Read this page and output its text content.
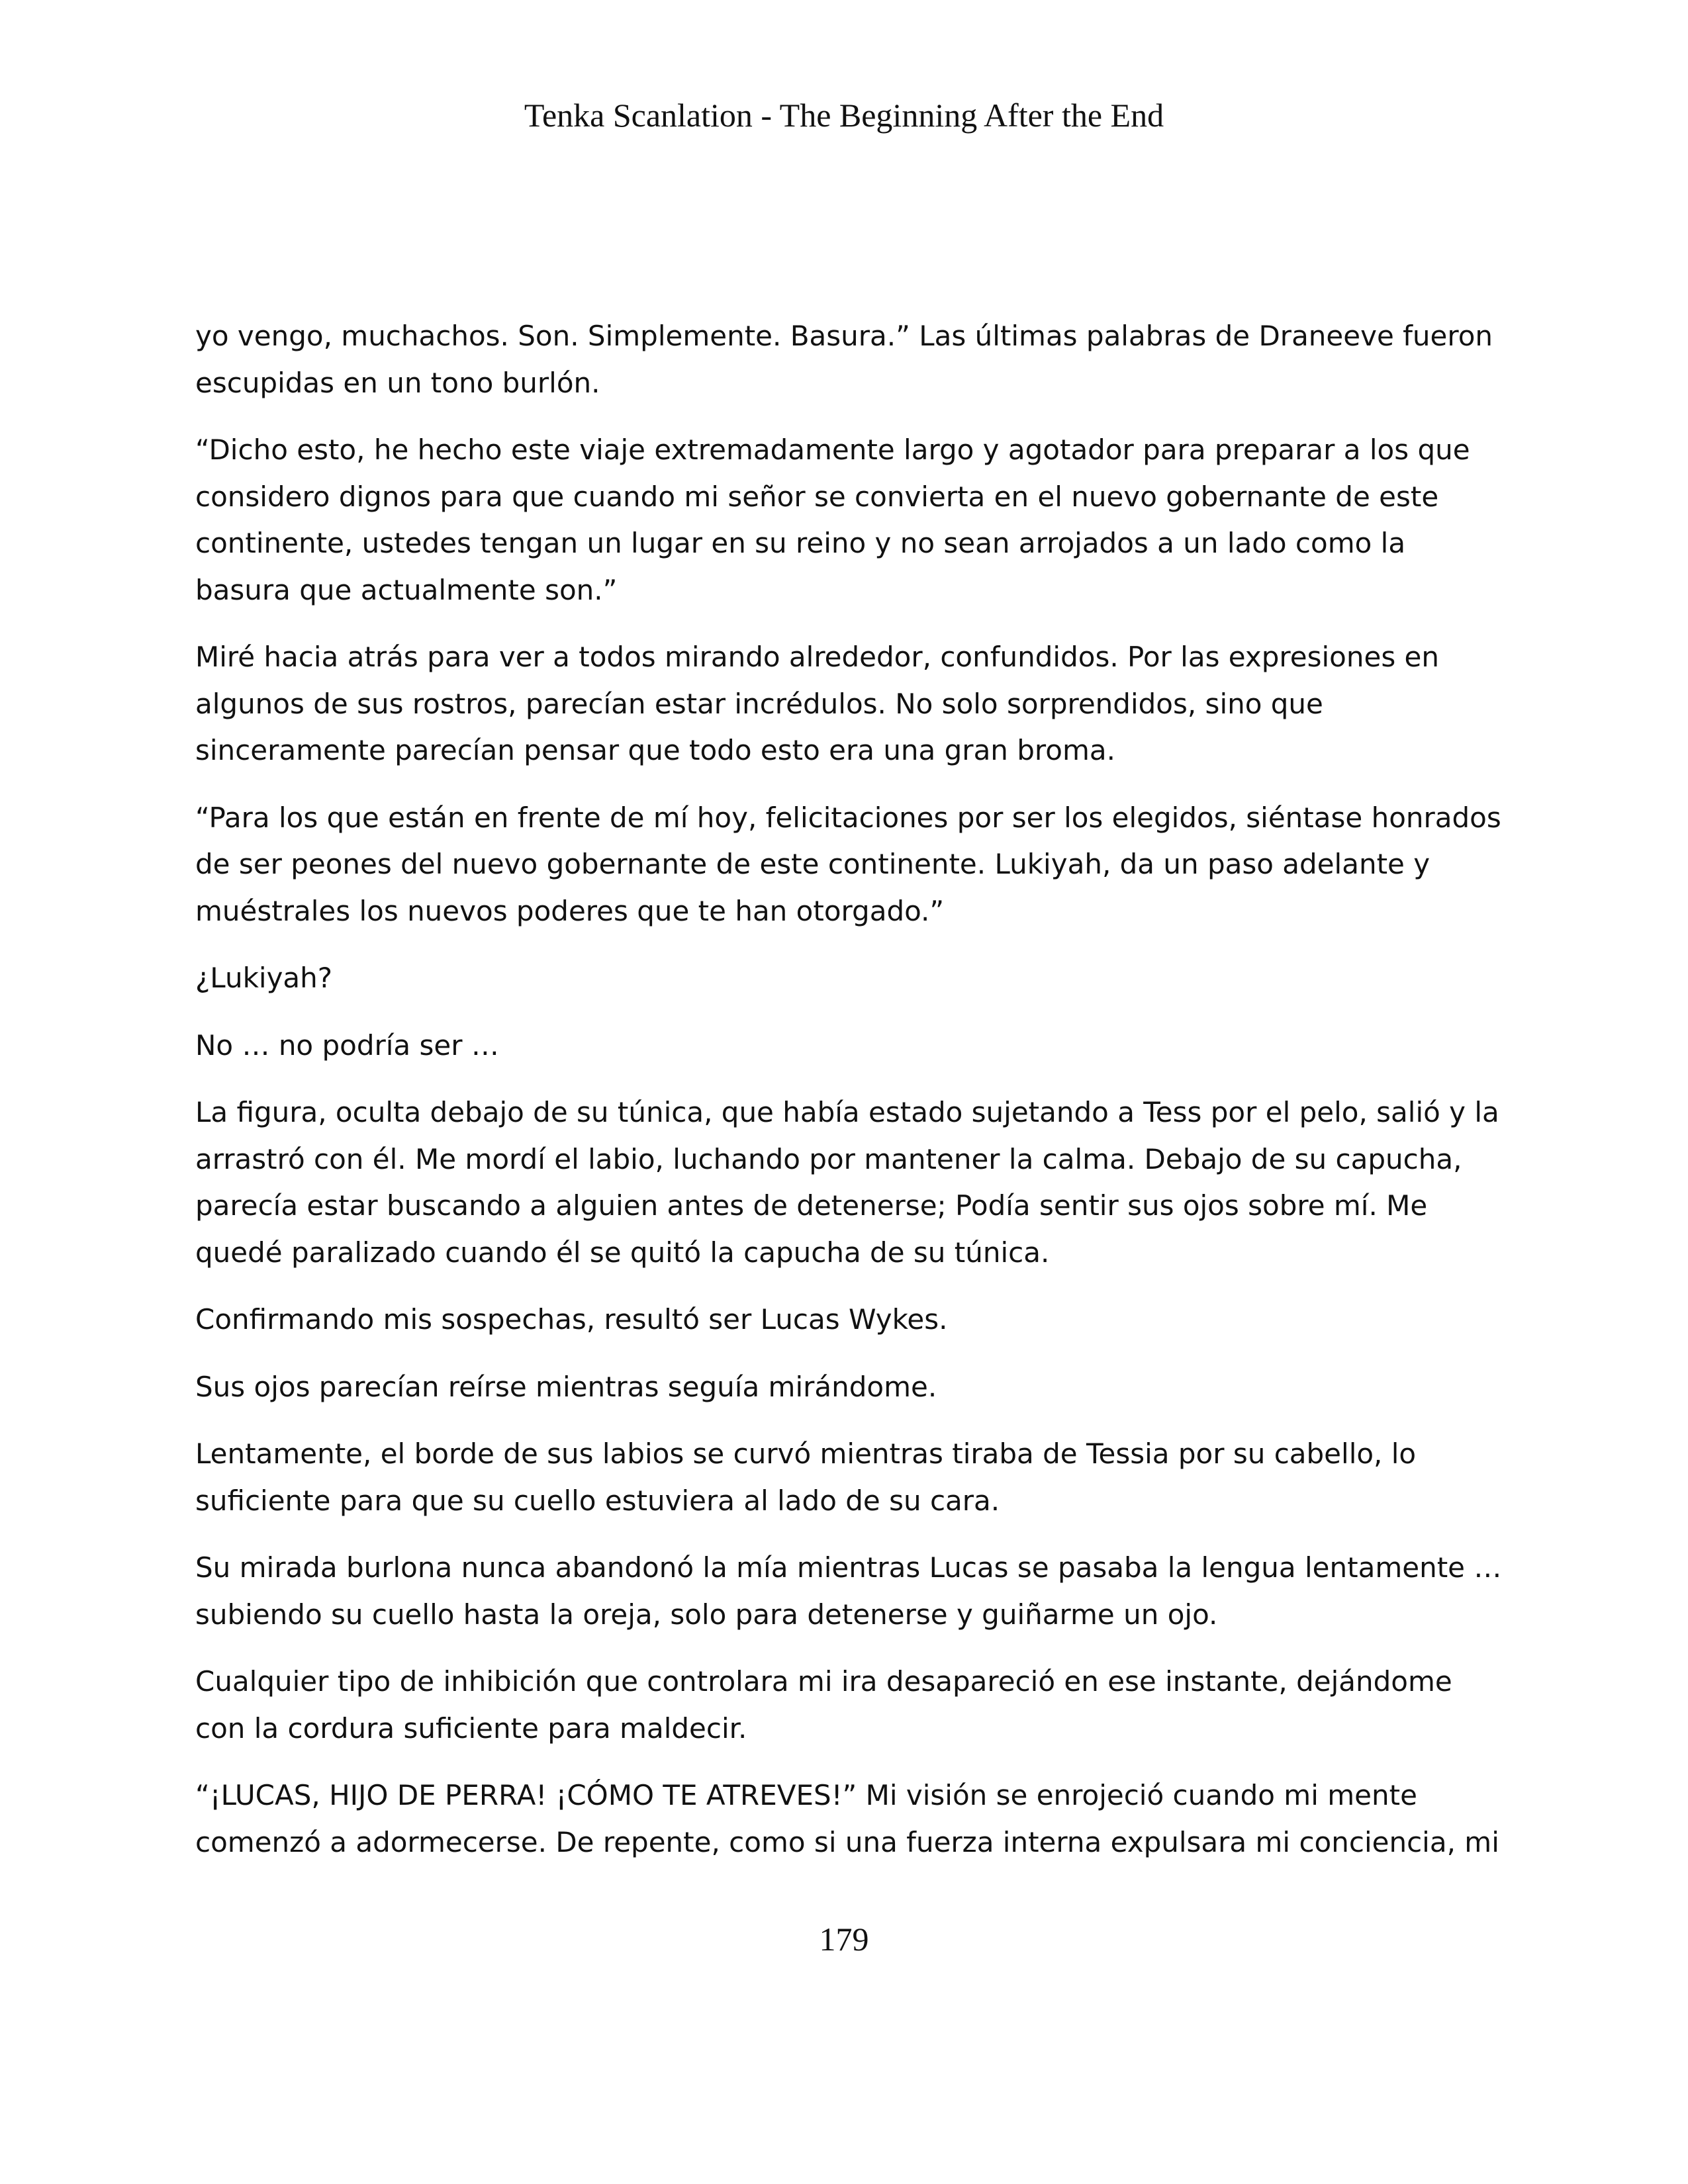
Tenka Scanlation - The Beginning After the End

yo vengo, muchachos. Son. Simplemente. Basura.” Las últimas palabras de Draneeve fueron escupidas en un tono burlón.

“Dicho esto, he hecho este viaje extremadamente largo y agotador para preparar a los que considero dignos para que cuando mi señor se convierta en el nuevo gobernante de este continente, ustedes tengan un lugar en su reino y no sean arrojados a un lado como la basura que actualmente son.”

Miré hacia atrás para ver a todos mirando alrededor, confundidos. Por las expresiones en algunos de sus rostros, parecían estar incrédulos. No solo sorprendidos, sino que sinceramente parecían pensar que todo esto era una gran broma.

“Para los que están en frente de mí hoy, felicitaciones por ser los elegidos, siéntase honrados de ser peones del nuevo gobernante de este continente. Lukiyah, da un paso adelante y muéstrales los nuevos poderes que te han otorgado.”

¿Lukiyah?

No … no podría ser …

La figura, oculta debajo de su túnica, que había estado sujetando a Tess por el pelo, salió y la arrastró con él. Me mordí el labio, luchando por mantener la calma. Debajo de su capucha, parecía estar buscando a alguien antes de detenerse; Podía sentir sus ojos sobre mí. Me quedé paralizado cuando él se quitó la capucha de su túnica.

Confirmando mis sospechas, resultó ser Lucas Wykes.

Sus ojos parecían reírse mientras seguía mirándome.

Lentamente, el borde de sus labios se curvó mientras tiraba de Tessia por su cabello, lo suficiente para que su cuello estuviera al lado de su cara.

Su mirada burlona nunca abandonó la mía mientras Lucas se pasaba la lengua lentamente … subiendo su cuello hasta la oreja, solo para detenerse y guiñarme un ojo.

Cualquier tipo de inhibición que controlara mi ira desapareció en ese instante, dejándome con la cordura suficiente para maldecir.

“¡LUCAS, HIJO DE PERRA! ¡CÓMO TE ATREVES!” Mi visión se enrojeció cuando mi mente comenzó a adormecerse. De repente, como si una fuerza interna expulsara mi conciencia, mi

179
